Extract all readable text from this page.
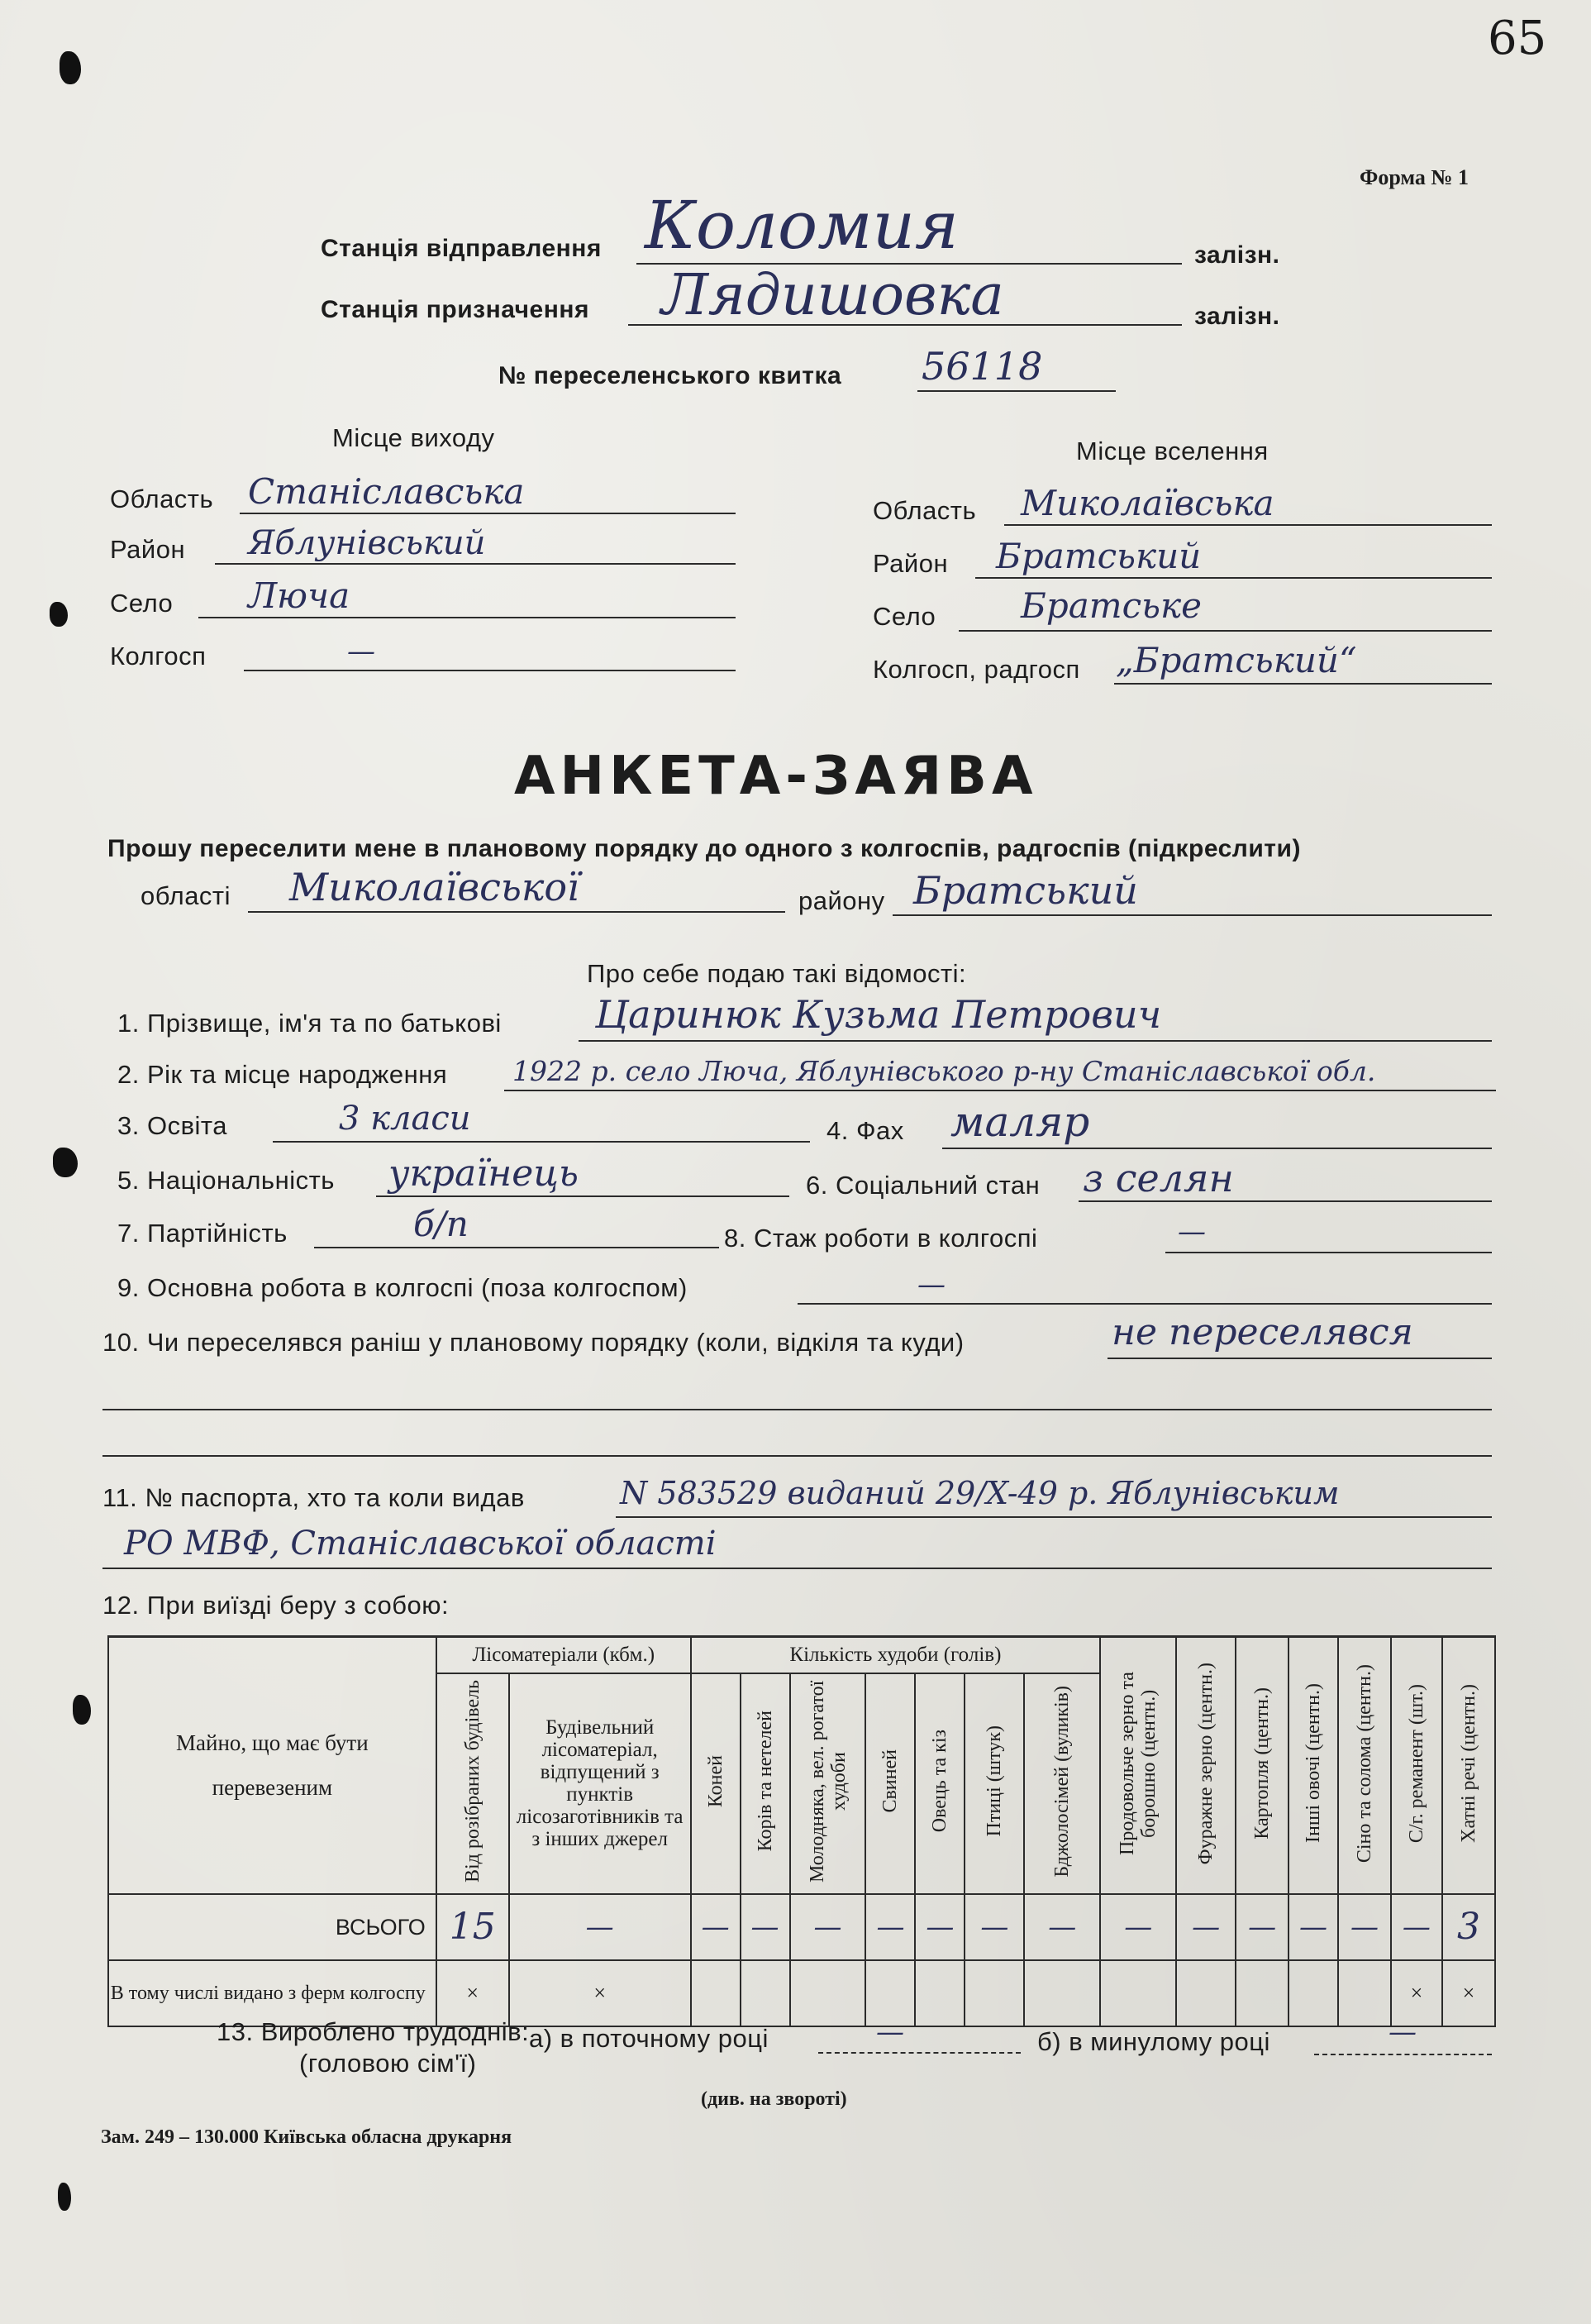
65
Форма № 1
Станція відправлення Коломия	залізн.
Станція призначення Лядишовка	залізн.
№ переселенського квитка 56118
Місце виходу
Область Станіславська
Район Яблунівський
Село Люча
Колгосп	—
Місце вселення
Область Миколаївська
Район Братський
Село Братське
Колгосп, радгосп „Братський“
АНКЕТА-ЗАЯВА
Прошу переселити мене в плановому порядку до одного з колгоспів, радгоспів (підкреслити)
області Миколаївської	району Братський
Про себе подаю такі відомості:
1. Прізвище, ім'я та по батькові Царинюк Кузьма Петрович
2. Рік та місце народження 1922 р. село Люча, Яблунівського р-ну Станіславської обл.
3. Освіта	3 класи	4. Фах маляр
5. Національність українець	6. Соціальний стан з селян
7. Партійність	б/п	8. Стаж роботи в колгоспі	—
9. Основна робота в колгоспі (поза колгоспом)	—
10. Чи переселявся раніш у плановому порядку (коли, відкіля та куди)	не переселявся
11. № паспорта, хто та коли видав	N 583529 виданий 29/X-49 р. Яблунівським
РО МВФ, Станіславської області
12. При виїзді беру з собою:
Майно, що має бути перевезеним	Лісоматеріали (кбм.)		Кількість худоби (голів)							Продовольче зерно та борошно (центн.)	Фуражне зерно (центн.)	Картопля (центн.)	Інші овочі (центн.)	Сіно та солома (центн.)	С/г. реманент (шт.)	Хатні речі (центн.)
	Від розібраних будівель	Будівельний лісоматеріал, відпущений з пунктів лісозаготівників та з інших джерел	Коней	Корів та нетелей	Молодняка, вел. рогатої худоби	Свиней	Овець та кіз	Птиці (штук)	Бджолосімей (вуликів)							
ВСЬОГО	15	—	—	—	—	—	—	—	—	—	—	—	—	—	—	3

В тому числі видано з ферм колгоспу	×	×													×	×
13. Вироблено трудоднів:
(головою сім'ї)
а) в поточному році	—	б) в минулому році	—
(див. на звороті)
Зам. 249 – 130.000 Київська обласна друкарня
